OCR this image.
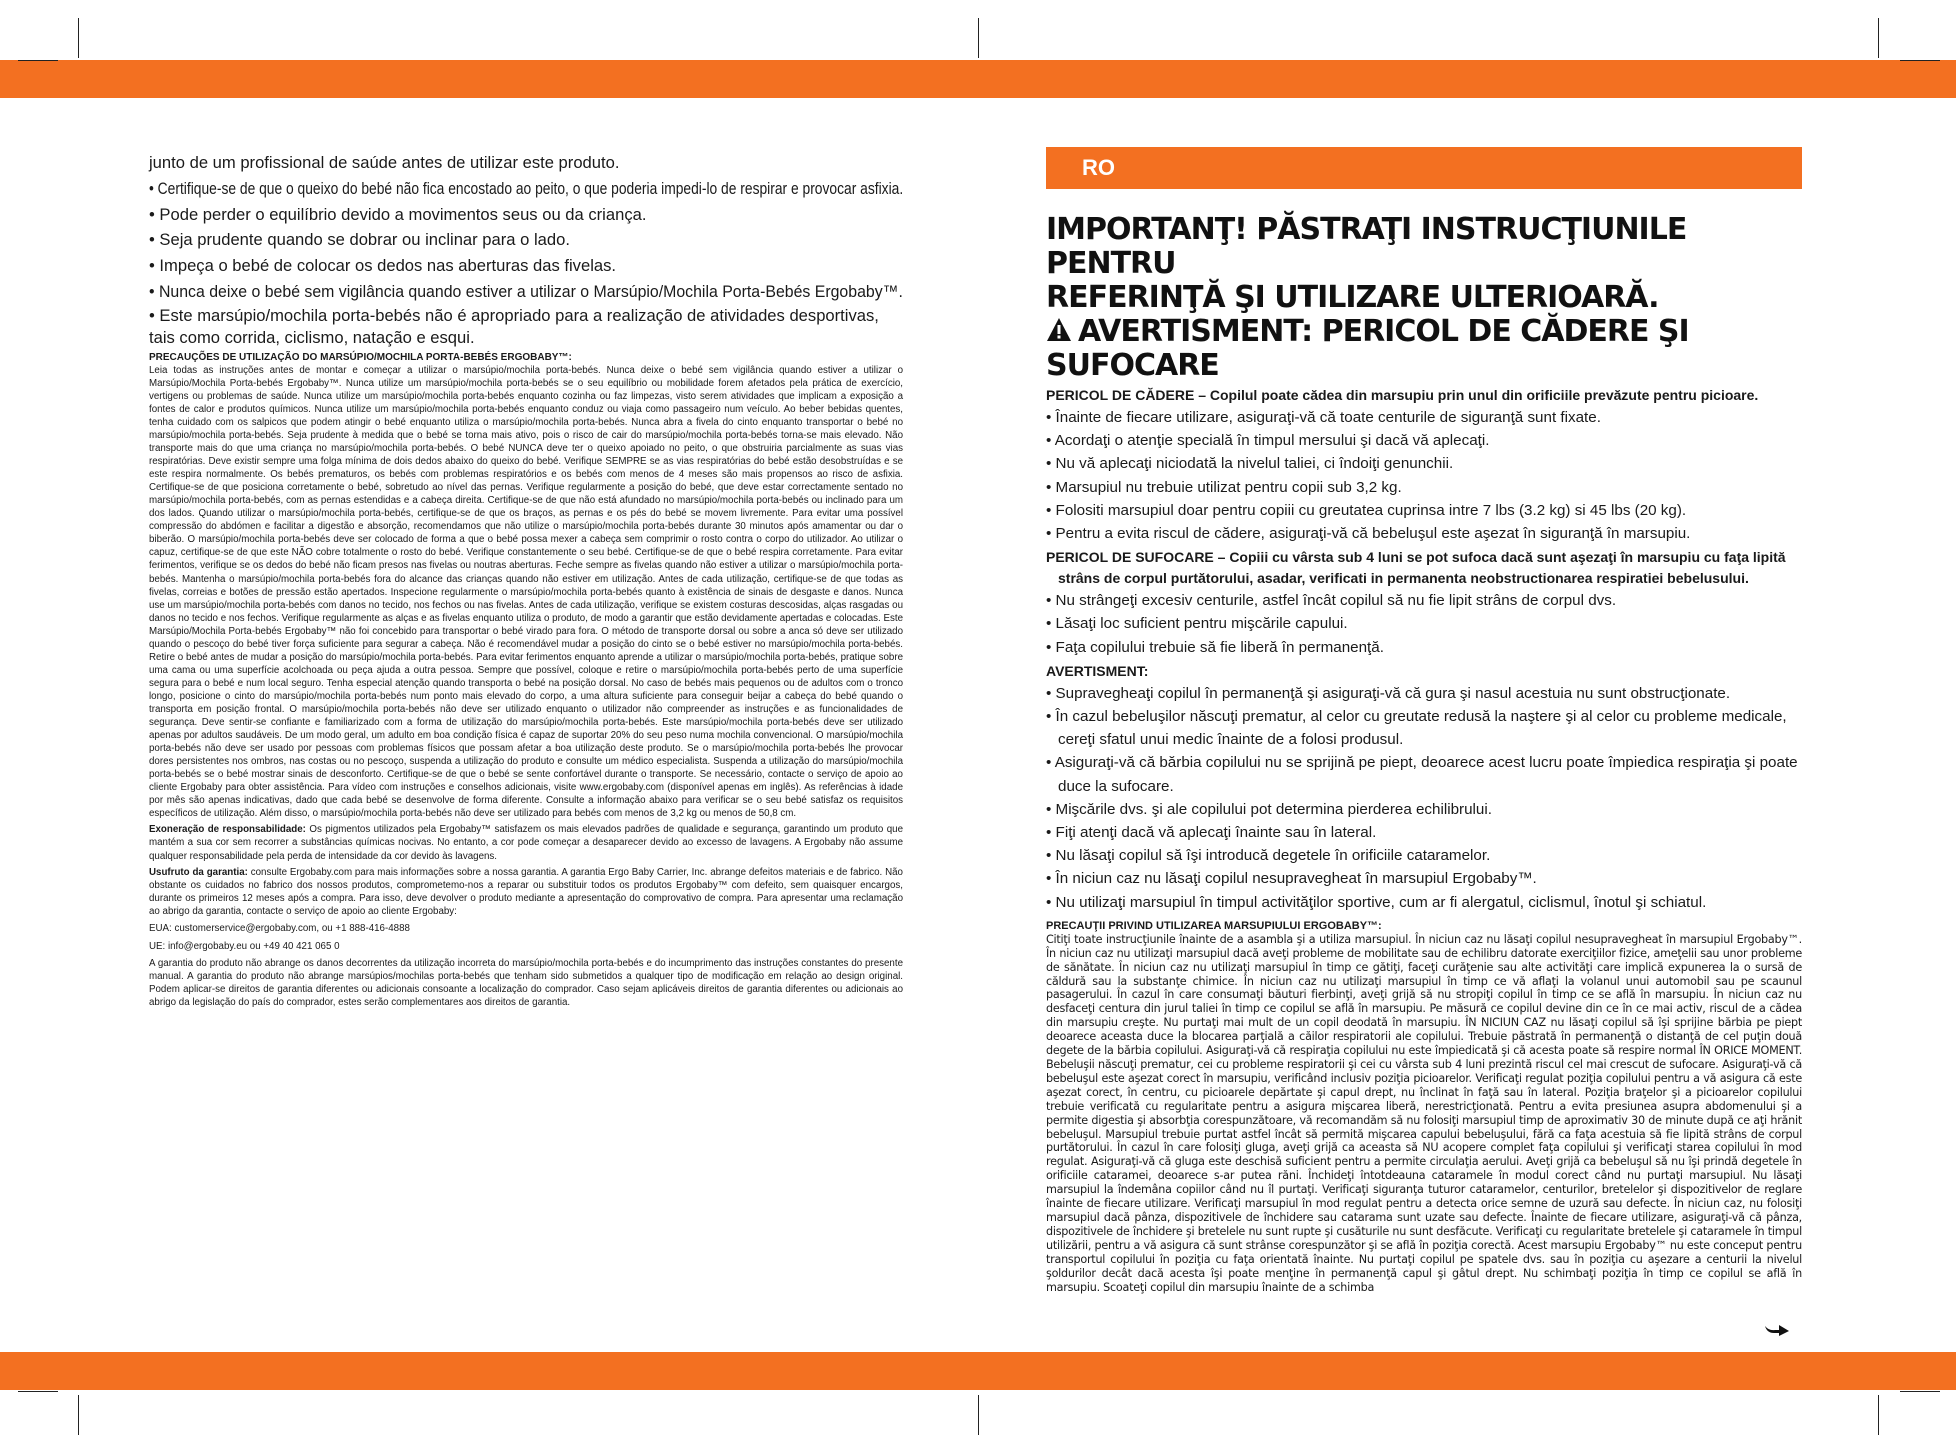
junto de um profissional de saúde antes de utilizar este produto.

• Certifique-se de que o queixo do bebé não fica encostado ao peito, o que poderia impedi-lo de respirar e provocar asfixia.

• Pode perder o equilíbrio devido a movimentos seus ou da criança.

• Seja prudente quando se dobrar ou inclinar para o lado.

• Impeça o bebé de colocar os dedos nas aberturas das fivelas.

• Nunca deixe o bebé sem vigilância quando estiver a utilizar o Marsúpio/Mochila Porta-Bebés Ergobaby™.

• Este marsúpio/mochila porta-bebés não é apropriado para a realização de atividades desportivas, tais como corrida, ciclismo, natação e esqui.

PRECAUÇÕES DE UTILIZAÇÃO DO MARSÚPIO/MOCHILA PORTA-BEBÉS ERGOBABY™:

Leia todas as instruções antes de montar e começar a utilizar o marsúpio/mochila porta-bebés. Nunca deixe o bebé sem vigilância quando estiver a utilizar o Marsúpio/Mochila Porta-bebés Ergobaby™. Nunca utilize um marsúpio/mochila porta-bebés se o seu equilíbrio ou mobilidade forem afetados pela prática de exercício, vertigens ou problemas de saúde. Nunca utilize um marsúpio/mochila porta-bebés enquanto cozinha ou faz limpezas, visto serem atividades que implicam a exposição a fontes de calor e produtos químicos. Nunca utilize um marsúpio/mochila porta-bebés enquanto conduz ou viaja como passageiro num veículo. Ao beber bebidas quentes, tenha cuidado com os salpicos que podem atingir o bebé enquanto utiliza o marsúpio/mochila porta-bebés. Nunca abra a fivela do cinto enquanto transportar o bebé no marsúpio/mochila porta-bebés. Seja prudente à medida que o bebé se torna mais ativo, pois o risco de cair do marsúpio/mochila porta-bebés torna-se mais elevado. Não transporte mais do que uma criança no marsúpio/mochila porta-bebés. O bebé NUNCA deve ter o queixo apoiado no peito, o que obstruiria parcialmente as suas vias respiratórias. Deve existir sempre uma folga mínima de dois dedos abaixo do queixo do bebé. Verifique SEMPRE se as vias respiratórias do bebé estão desobstruídas e se este respira normalmente. Os bebés prematuros, os bebés com problemas respiratórios e os bebés com menos de 4 meses são mais propensos ao risco de asfixia. Certifique-se de que posiciona corretamente o bebé, sobretudo ao nível das pernas. Verifique regularmente a posição do bebé, que deve estar correctamente sentado no marsúpio/mochila porta-bebés, com as pernas estendidas e a cabeça direita. Certifique-se de que não está afundado no marsúpio/mochila porta-bebés ou inclinado para um dos lados. Quando utilizar o marsúpio/mochila porta-bebés, certifique-se de que os braços, as pernas e os pés do bebé se movem livremente. Para evitar uma possível compressão do abdómen e facilitar a digestão e absorção, recomendamos que não utilize o marsúpio/mochila porta-bebés durante 30 minutos após amamentar ou dar o biberão. O marsúpio/mochila porta-bebés deve ser colocado de forma a que o bebé possa mexer a cabeça sem comprimir o rosto contra o corpo do utilizador. Ao utilizar o capuz, certifique-se de que este NÃO cobre totalmente o rosto do bebé. Verifique constantemente o seu bebé. Certifique-se de que o bebé respira corretamente. Para evitar ferimentos, verifique se os dedos do bebé não ficam presos nas fivelas ou noutras aberturas. Feche sempre as fivelas quando não estiver a utilizar o marsúpio/mochila porta-bebés. Mantenha o marsúpio/mochila porta-bebés fora do alcance das crianças quando não estiver em utilização. Antes de cada utilização, certifique-se de que todas as fivelas, correias e botões de pressão estão apertados. Inspecione regularmente o marsúpio/mochila porta-bebés quanto à existência de sinais de desgaste e danos. Nunca use um marsúpio/mochila porta-bebés com danos no tecido, nos fechos ou nas fivelas. Antes de cada utilização, verifique se existem costuras descosidas, alças rasgadas ou danos no tecido e nos fechos. Verifique regularmente as alças e as fivelas enquanto utiliza o produto, de modo a garantir que estão devidamente apertadas e colocadas. Este Marsúpio/Mochila Porta-bebés Ergobaby™ não foi concebido para transportar o bebé virado para fora. O método de transporte dorsal ou sobre a anca só deve ser utilizado quando o pescoço do bebé tiver força suficiente para segurar a cabeça. Não é recomendável mudar a posição do cinto se o bebé estiver no marsúpio/mochila porta-bebés. Retire o bebé antes de mudar a posição do marsúpio/mochila porta-bebés. Para evitar ferimentos enquanto aprende a utilizar o marsúpio/mochila porta-bebés, pratique sobre uma cama ou uma superfície acolchoada ou peça ajuda a outra pessoa. Sempre que possível, coloque e retire o marsúpio/mochila porta-bebés perto de uma superfície segura para o bebé e num local seguro. Tenha especial atenção quando transporta o bebé na posição dorsal. No caso de bebés mais pequenos ou de adultos com o tronco longo, posicione o cinto do marsúpio/mochila porta-bebés num ponto mais elevado do corpo, a uma altura suficiente para conseguir beijar a cabeça do bebé quando o transporta em posição frontal. O marsúpio/mochila porta-bebés não deve ser utilizado enquanto o utilizador não compreender as instruções e as funcionalidades de segurança. Deve sentir-se confiante e familiarizado com a forma de utilização do marsúpio/mochila porta-bebés. Este marsúpio/mochila porta-bebés deve ser utilizado apenas por adultos saudáveis. De um modo geral, um adulto em boa condição física é capaz de suportar 20% do seu peso numa mochila convencional. O marsúpio/mochila porta-bebés não deve ser usado por pessoas com problemas físicos que possam afetar a boa utilização deste produto. Se o marsúpio/mochila porta-bebés lhe provocar dores persistentes nos ombros, nas costas ou no pescoço, suspenda a utilização do produto e consulte um médico especialista. Suspenda a utilização do marsúpio/mochila porta-bebés se o bebé mostrar sinais de desconforto. Certifique-se de que o bebé se sente confortável durante o transporte. Se necessário, contacte o serviço de apoio ao cliente Ergobaby para obter assistência. Para vídeo com instruções e conselhos adicionais, visite www.ergobaby.com (disponível apenas em inglês). As referências à idade por mês são apenas indicativas, dado que cada bebé se desenvolve de forma diferente. Consulte a informação abaixo para verificar se o seu bebé satisfaz os requisitos específicos de utilização. Além disso, o marsúpio/mochila porta-bebés não deve ser utilizado para bebés com menos de 3,2 kg ou menos de 50,8 cm.

Exoneração de responsabilidade: Os pigmentos utilizados pela Ergobaby™ satisfazem os mais elevados padrões de qualidade e segurança, garantindo um produto que mantém a sua cor sem recorrer a substâncias químicas nocivas. No entanto, a cor pode começar a desaparecer devido ao excesso de lavagens. A Ergobaby não assume qualquer responsabilidade pela perda de intensidade da cor devido às lavagens.

Usufruto da garantia: consulte Ergobaby.com para mais informações sobre a nossa garantia. A garantia Ergo Baby Carrier, Inc. abrange defeitos materiais e de fabrico. Não obstante os cuidados no fabrico dos nossos produtos, comprometemo-nos a reparar ou substituir todos os produtos Ergobaby™ com defeito, sem quaisquer encargos, durante os primeiros 12 meses após a compra. Para isso, deve devolver o produto mediante a apresentação do comprovativo de compra. Para apresentar uma reclamação ao abrigo da garantia, contacte o serviço de apoio ao cliente Ergobaby:

EUA: customerservice@ergobaby.com, ou +1 888-416-4888

UE: info@ergobaby.eu ou +49 40 421 065 0

A garantia do produto não abrange os danos decorrentes da utilização incorreta do marsúpio/mochila porta-bebés e do incumprimento das instruções constantes do presente manual. A garantia do produto não abrange marsúpios/mochilas porta-bebés que tenham sido submetidos a qualquer tipo de modificação em relação ao design original. Podem aplicar-se direitos de garantia diferentes ou adicionais consoante a localização do comprador. Caso sejam aplicáveis direitos de garantia diferentes ou adicionais ao abrigo da legislação do país do comprador, estes serão complementares aos direitos de garantia.

RO
IMPORTANŢ! PĂSTRAŢI INSTRUCŢIUNILE PENTRU
REFERINŢĂ ŞI UTILIZARE ULTERIOARĂ.
AVERTISMENT: PERICOL DE CĂDERE ŞI SUFOCARE

PERICOL DE CĂDERE – Copilul poate cădea din marsupiu prin unul din orificiile prevăzute pentru picioare.

• Înainte de fiecare utilizare, asiguraţi-vă că toate centurile de siguranţă sunt fixate.

• Acordaţi o atenţie specială în timpul mersului şi dacă vă aplecaţi.

• Nu vă aplecaţi niciodată la nivelul taliei, ci îndoiţi genunchii.

• Marsupiul nu trebuie utilizat pentru copii sub 3,2 kg.

• Folositi marsupiul doar pentru copiii cu greutatea cuprinsa intre 7 lbs (3.2 kg) si 45 lbs (20 kg).

• Pentru a evita riscul de cădere, asiguraţi-vă că bebeluşul este aşezat în siguranţă în marsupiu.

PERICOL DE SUFOCARE – Copiii cu vârsta sub 4 luni se pot sufoca dacă sunt aşezaţi în marsupiu cu faţa lipită strâns de corpul purtătorului, asadar, verificati in permanenta neobstructionarea respiratiei bebelusului.

• Nu strângeţi excesiv centurile, astfel încât copilul să nu fie lipit strâns de corpul dvs.

• Lăsaţi loc suficient pentru mişcările capului.

• Faţa copilului trebuie să fie liberă în permanenţă.

AVERTISMENT:

• Supravegheaţi copilul în permanenţă şi asiguraţi-vă că gura şi nasul acestuia nu sunt obstrucţionate.

• În cazul bebeluşilor născuţi prematur, al celor cu greutate redusă la naştere şi al celor cu probleme medicale, cereţi sfatul unui medic înainte de a folosi produsul.

• Asiguraţi-vă că bărbia copilului nu se sprijină pe piept, deoarece acest lucru poate împiedica respiraţia şi poate duce la sufocare.

• Mişcările dvs. şi ale copilului pot determina pierderea echilibrului.

• Fiţi atenţi dacă vă aplecaţi înainte sau în lateral.

• Nu lăsaţi copilul să îşi introducă degetele în orificiile cataramelor.

• În niciun caz nu lăsaţi copilul nesupravegheat în marsupiul Ergobaby™.

• Nu utilizaţi marsupiul în timpul activităţilor sportive, cum ar fi alergatul, ciclismul, înotul şi schiatul.

PRECAUŢII PRIVIND UTILIZAREA MARSUPIULUI ERGOBABY™:

Citiţi toate instrucţiunile înainte de a asambla şi a utiliza marsupiul. În niciun caz nu lăsaţi copilul nesupravegheat în marsupiul Ergobaby™. În niciun caz nu utilizaţi marsupiul dacă aveţi probleme de mobilitate sau de echilibru datorate exerciţiilor fizice, ameţelii sau unor probleme de sănătate. În niciun caz nu utilizaţi marsupiul în timp ce gătiţi, faceţi curăţenie sau alte activităţi care implică expunerea la o sursă de căldură sau la substanţe chimice. În niciun caz nu utilizaţi marsupiul în timp ce vă aflaţi la volanul unui automobil sau pe scaunul pasagerului. În cazul în care consumaţi băuturi fierbinţi, aveţi grijă să nu stropiţi copilul în timp ce se află în marsupiu. În niciun caz nu desfaceţi centura din jurul taliei în timp ce copilul se află în marsupiu. Pe măsură ce copilul devine din ce în ce mai activ, riscul de a cădea din marsupiu creşte. Nu purtaţi mai mult de un copil deodată în marsupiu. ÎN NICIUN CAZ nu lăsaţi copilul să îşi sprijine bărbia pe piept deoarece aceasta duce la blocarea parţială a căilor respiratorii ale copilului. Trebuie păstrată în permanenţă o distanţă de cel puţin două degete de la bărbia copilului. Asiguraţi-vă că respiraţia copilului nu este împiedicată şi că acesta poate să respire normal ÎN ORICE MOMENT. Bebeluşii născuţi prematur, cei cu probleme respiratorii şi cei cu vârsta sub 4 luni prezintă riscul cel mai crescut de sufocare. Asiguraţi-vă că bebeluşul este aşezat corect în marsupiu, verificând inclusiv poziţia picioarelor. Verificaţi regulat poziţia copilului pentru a vă asigura că este aşezat corect, în centru, cu picioarele depărtate şi capul drept, nu înclinat în faţă sau în lateral. Poziţia braţelor şi a picioarelor copilului trebuie verificată cu regularitate pentru a asigura mişcarea liberă, nerestricţionată. Pentru a evita presiunea asupra abdomenului şi a permite digestia şi absorbţia corespunzătoare, vă recomandăm să nu folosiţi marsupiul timp de aproximativ 30 de minute după ce aţi hrănit bebeluşul. Marsupiul trebuie purtat astfel încât să permită mişcarea capului bebeluşului, fără ca faţa acestuia să fie lipită strâns de corpul purtătorului. În cazul în care folosiţi gluga, aveţi grijă ca aceasta să NU acopere complet faţa copilului şi verificaţi starea copilului în mod regulat. Asiguraţi-vă că gluga este deschisă suficient pentru a permite circulaţia aerului. Aveţi grijă ca bebeluşul să nu îşi prindă degetele în orificiile cataramei, deoarece s-ar putea răni. Închideţi întotdeauna cataramele în modul corect când nu purtaţi marsupiul. Nu lăsaţi marsupiul la îndemâna copiilor când nu îl purtaţi. Verificaţi siguranţa tuturor cataramelor, centurilor, bretelelor şi dispozitivelor de reglare înainte de fiecare utilizare. Verificaţi marsupiul în mod regulat pentru a detecta orice semne de uzură sau defecte. În niciun caz, nu folosiţi marsupiul dacă pânza, dispozitivele de închidere sau catarama sunt uzate sau defecte. Înainte de fiecare utilizare, asiguraţi-vă că pânza, dispozitivele de închidere şi bretelele nu sunt rupte şi cusăturile nu sunt desfăcute. Verificaţi cu regularitate bretelele şi cataramele în timpul utilizării, pentru a vă asigura că sunt strânse corespunzător şi se află în poziţia corectă. Acest marsupiu Ergobaby™ nu este conceput pentru transportul copilului în poziţia cu faţa orientată înainte. Nu purtaţi copilul pe spatele dvs. sau în poziţia cu aşezare a centurii la nivelul şoldurilor decât dacă acesta îşi poate menţine în permanenţă capul şi gâtul drept. Nu schimbaţi poziţia în timp ce copilul se află în marsupiu. Scoateţi copilul din marsupiu înainte de a schimba
